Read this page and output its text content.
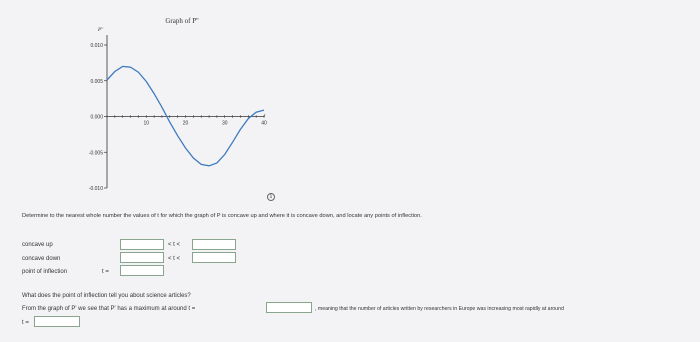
Graph of P''
P''
t
0.010
0.005
0.000
-0.005
-0.010
10	20	30	40
i
Determine to the nearest whole number the values of t for which the graph of P is concave up and where it is concave down, and locate any points of inflection.
concave up	< t <
concave down	< t <
point of inflection	t =
What does the point of inflection tell you about science articles?
From the graph of P' we see that P' has a maximum at around t =	, meaning that the number of articles written by researchers in Europe was increasing most rapidly at around
t =
